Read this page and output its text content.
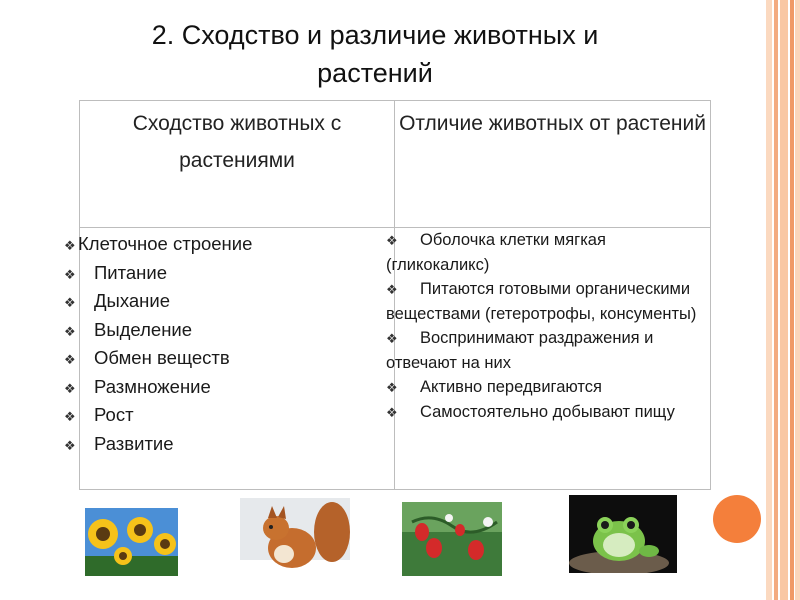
2. Сходство и различие животных и растений
Сходство животных с растениями
Отличие животных от растений
❖ Клеточное строение
❖ Питание
❖ Дыхание
❖ Выделение
❖ Обмен веществ
❖ Размножение
❖ Рост
❖ Развитие
❖ Оболочка клетки мягкая (гликокаликс)
❖ Питаются готовыми органическими веществами (гетеротрофы, консументы)
❖ Воспринимают раздражения и отвечают на них
❖ Активно передвигаются
❖ Самостоятельно добывают пищу
